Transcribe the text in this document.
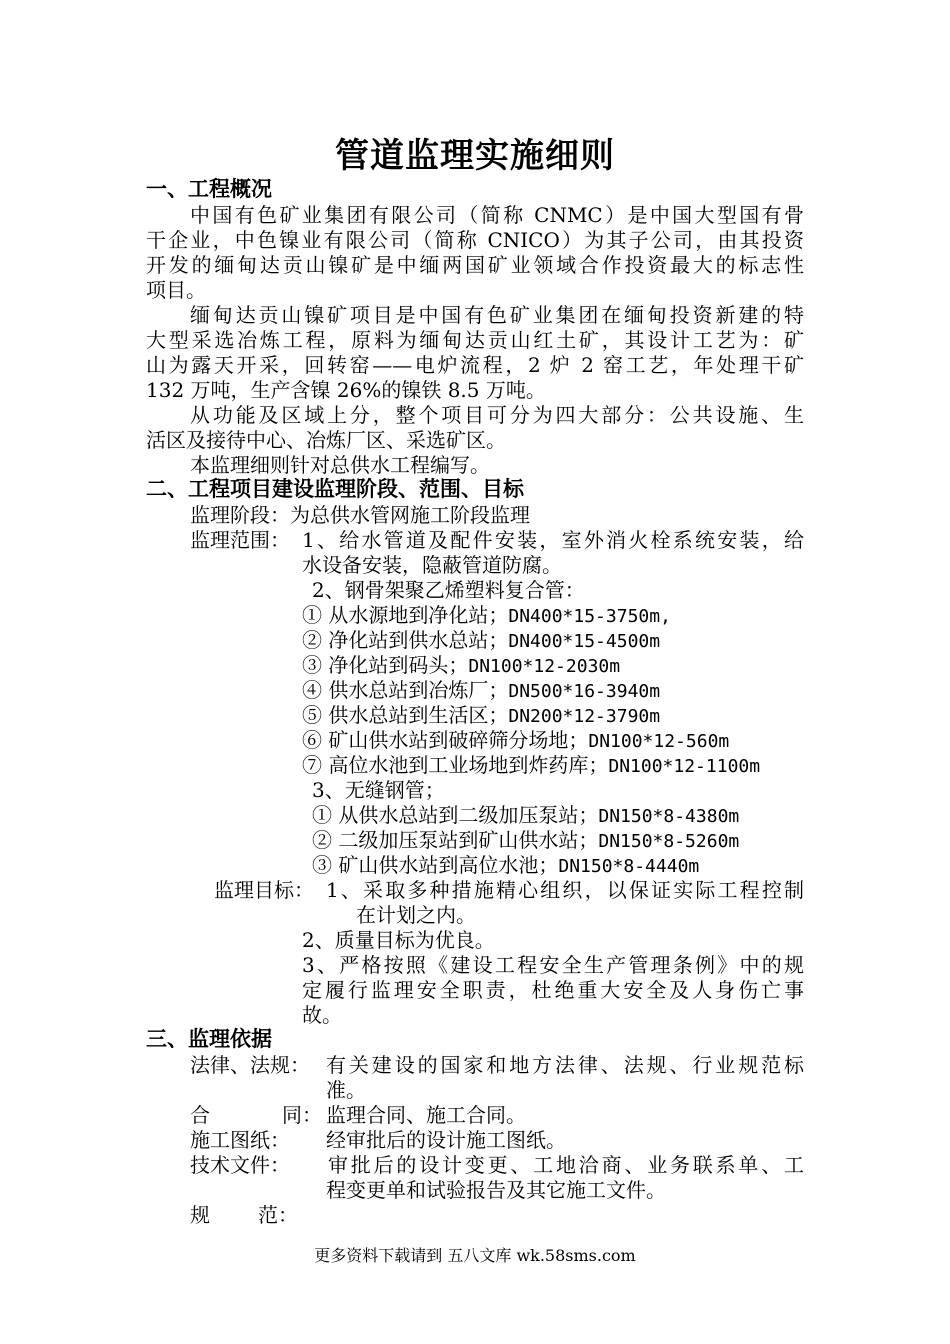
管道监理实施细则
一、工程概况
中国有色矿业集团有限公司（简称 CNMC）是中国大型国有骨
干企业，中色镍业有限公司（简称 CNICO）为其子公司，由其投资
开发的缅甸达贡山镍矿是中缅两国矿业领域合作投资最大的标志性
项目。
缅甸达贡山镍矿项目是中国有色矿业集团在缅甸投资新建的特
大型采选冶炼工程，原料为缅甸达贡山红土矿，其设计工艺为：矿
山为露天开采，回转窑——电炉流程，2 炉 2 窑工艺，年处理干矿
132 万吨，生产含镍 26%的镍铁 8.5 万吨。
从功能及区域上分，整个项目可分为四大部分：公共设施、生
活区及接待中心、冶炼厂区、采选矿区。
本监理细则针对总供水工程编写。
二、工程项目建设监理阶段、范围、目标
监理阶段：为总供水管网施工阶段监理
监理范围： 1、给水管道及配件安装，室外消火栓系统安装，给
水设备安装，隐蔽管道防腐。
2、钢骨架聚乙烯塑料复合管：
① 从水源地到净化站；DN400*15-3750m,
② 净化站到供水总站；DN400*15-4500m
③ 净化站到码头；DN100*12-2030m
④ 供水总站到冶炼厂；DN500*16-3940m
⑤ 供水总站到生活区；DN200*12-3790m
⑥ 矿山供水站到破碎筛分场地；DN100*12-560m
⑦ 高位水池到工业场地到炸药库；DN100*12-1100m
3、无缝钢管；
① 从供水总站到二级加压泵站；DN150*8-4380m
② 二级加压泵站到矿山供水站；DN150*8-5260m
③ 矿山供水站到高位水池；DN150*8-4440m
监理目标： 1、采取多种措施精心组织，以保证实际工程控制
在计划之内。
2、质量目标为优良。
3、严格按照《建设工程安全生产管理条例》中的规
定履行监理安全职责，杜绝重大安全及人身伤亡事
故。
三、监理依据
法律、法规： 有关建设的国家和地方法律、法规、行业规范标
准。
合	同： 监理合同、施工合同。
施工图纸： 经审批后的设计施工图纸。
技术文件： 审批后的设计变更、工地洽商、业务联系单、工
程变更单和试验报告及其它施工文件。
规 范：
更多资料下载请到 五八文库 wk.58sms.com
